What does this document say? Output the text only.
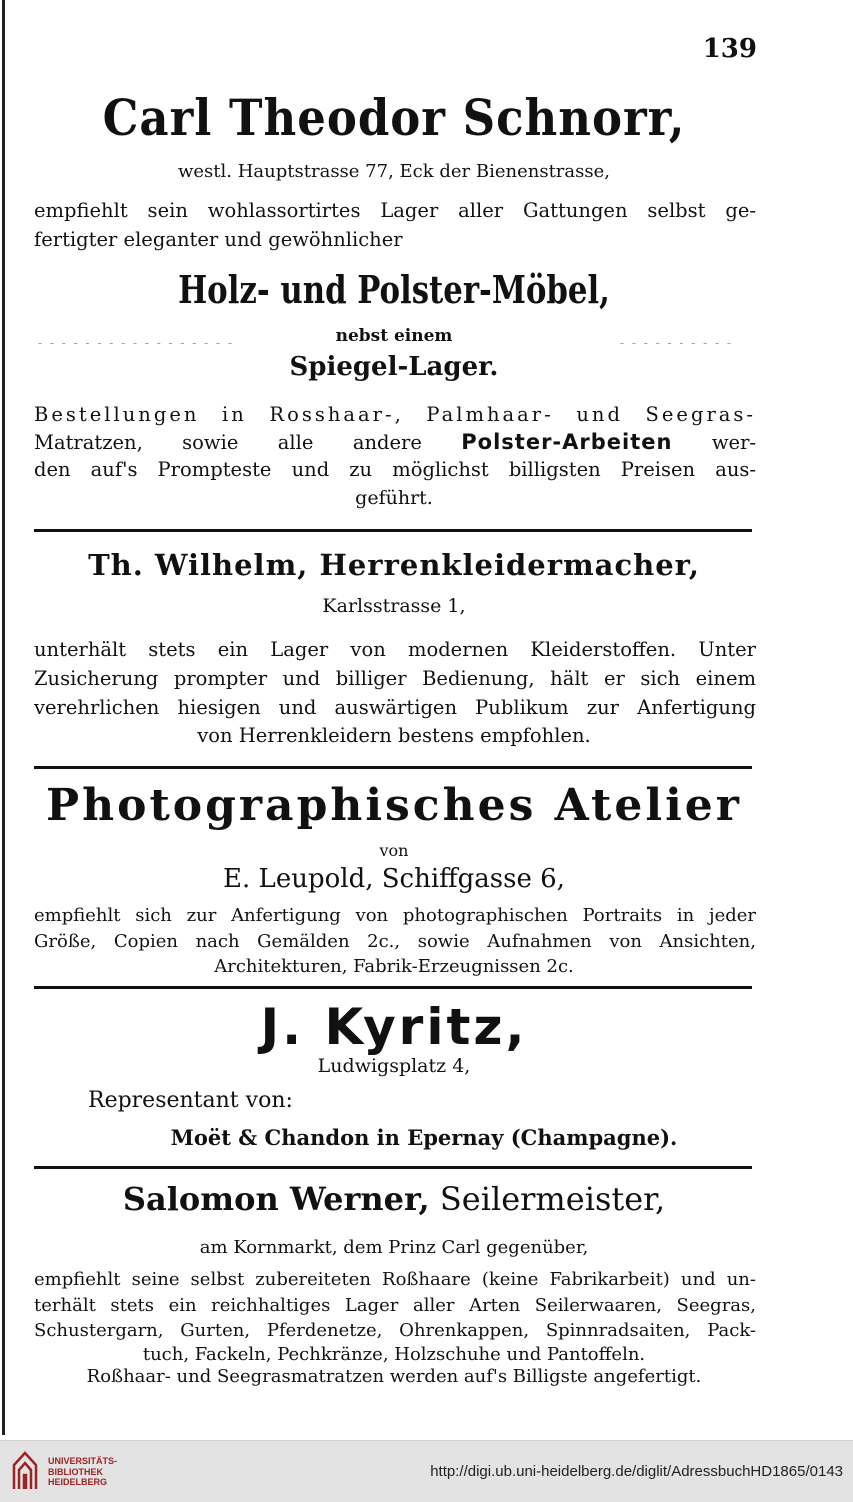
139
Carl Theodor Schnorr,
westl. Hauptstrasse 77, Eck der Bienenstrasse,
empfiehlt sein wohlassortirtes Lager aller Gattungen selbst ge-
fertigter eleganter und gewöhnlicher
Holz- und Polster-Möbel,
- - - - - - - - - - - - - - - - -	- - - - - - - - - -
nebst einem
Spiegel-Lager.
Bestellungen in Rosshaar-, Palmhaar- und Seegras-
Matratzen, sowie alle andere Polster-Arbeiten wer-
den auf's Prompteste und zu möglichst billigsten Preisen aus-
geführt.
Th. Wilhelm, Herrenkleidermacher,
Karlsstrasse 1,
unterhält stets ein Lager von modernen Kleiderstoffen. Unter
Zusicherung prompter und billiger Bedienung, hält er sich einem
verehrlichen hiesigen und auswärtigen Publikum zur Anfertigung
von Herrenkleidern bestens empfohlen.
Photographisches Atelier
von
E. Leupold, Schiffgasse 6,
empfiehlt sich zur Anfertigung von photographischen Portraits in jeder
Größe, Copien nach Gemälden 2c., sowie Aufnahmen von Ansichten,
Architekturen, Fabrik-Erzeugnissen 2c.
J. Kyritz,
Ludwigsplatz 4,
Representant von:
Moët & Chandon in Epernay (Champagne).
Salomon Werner, Seilermeister,
am Kornmarkt, dem Prinz Carl gegenüber,
empfiehlt seine selbst zubereiteten Roßhaare (keine Fabrikarbeit) und un-
terhält stets ein reichhaltiges Lager aller Arten Seilerwaaren, Seegras,
Schustergarn, Gurten, Pferdenetze, Ohrenkappen, Spinnradsaiten, Pack-
tuch, Fackeln, Pechkränze, Holzschuhe und Pantoffeln.
Roßhaar- und Seegrasmatratzen werden auf's Billigste angefertigt.
UNIVERSITÄTS-
BIBLIOTHEK
HEIDELBERG
http://digi.ub.uni-heidelberg.de/diglit/AdressbuchHD1865/0143
